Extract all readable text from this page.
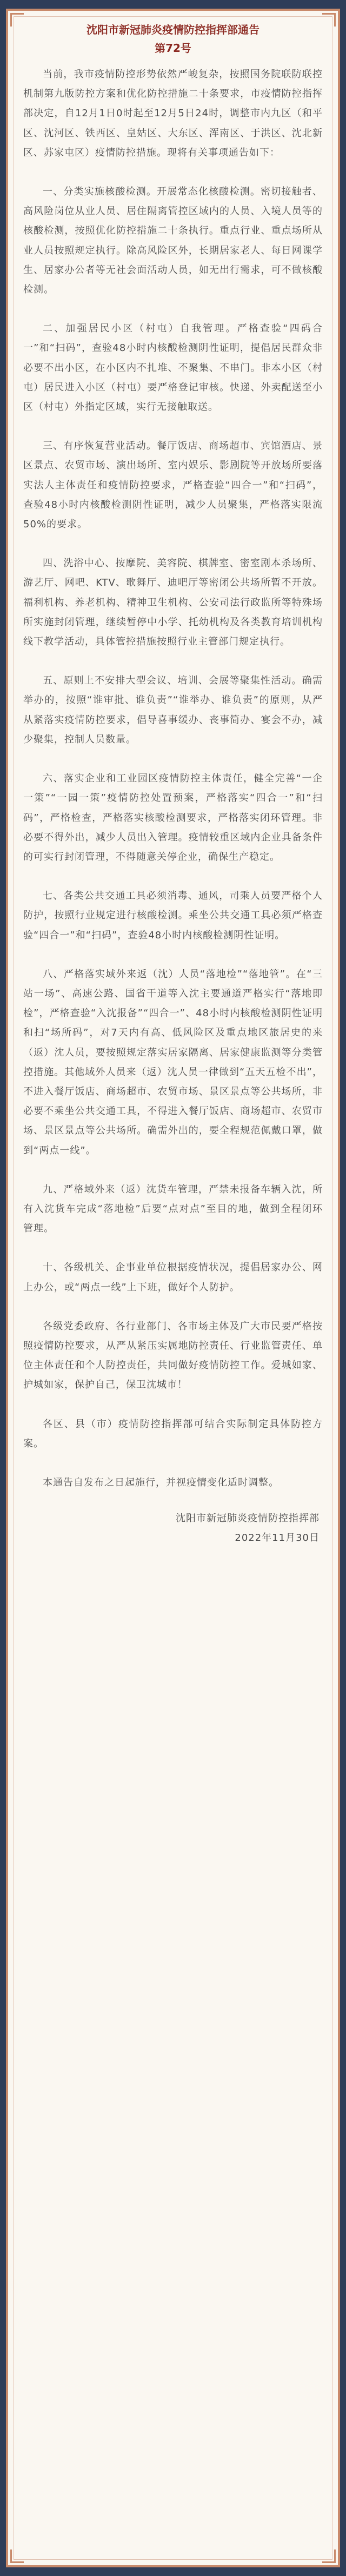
沈阳市新冠肺炎疫情防控指挥部通告

第72号

当前，我市疫情防控形势依然严峻复杂，按照国务院联防联控机制第九版防控方案和优化防控措施二十条要求，市疫情防控指挥部决定，自12月1日0时起至12月5日24时，调整市内九区（和平区、沈河区、铁西区、皇姑区、大东区、浑南区、于洪区、沈北新区、苏家屯区）疫情防控措施。现将有关事项通告如下：

一、分类实施核酸检测。开展常态化核酸检测。密切接触者、高风险岗位从业人员、居住隔离管控区域内的人员、入境人员等的核酸检测，按照优化防控措施二十条执行。重点行业、重点场所从业人员按照规定执行。除高风险区外，长期居家老人、每日网课学生、居家办公者等无社会面活动人员，如无出行需求，可不做核酸检测。

二、加强居民小区（村屯）自我管理。严格查验“四码合一”和“扫码”，查验48小时内核酸检测阴性证明，提倡居民群众非必要不出小区，在小区内不扎堆、不聚集、不串门。非本小区（村屯）居民进入小区（村屯）要严格登记审核。快递、外卖配送至小区（村屯）外指定区域，实行无接触取送。

三、有序恢复营业活动。餐厅饭店、商场超市、宾馆酒店、景区景点、农贸市场、演出场所、室内娱乐、影剧院等开放场所要落实法人主体责任和疫情防控要求，严格查验“四合一”和“扫码”，查验48小时内核酸检测阴性证明，减少人员聚集，严格落实限流50%的要求。

四、洗浴中心、按摩院、美容院、棋牌室、密室剧本杀场所、游艺厅、网吧、KTV、歌舞厅、迪吧厅等密闭公共场所暂不开放。福利机构、养老机构、精神卫生机构、公安司法行政监所等特殊场所实施封闭管理，继续暂停中小学、托幼机构及各类教育培训机构线下教学活动，具体管控措施按照行业主管部门规定执行。

五、原则上不安排大型会议、培训、会展等聚集性活动。确需举办的，按照“谁审批、谁负责”“谁举办、谁负责”的原则，从严从紧落实疫情防控要求，倡导喜事缓办、丧事简办、宴会不办，减少聚集，控制人员数量。

六、落实企业和工业园区疫情防控主体责任，健全完善“一企一策”“一园一策”疫情防控处置预案，严格落实“四合一”和“扫码”，严格检查，严格落实核酸检测要求，严格落实闭环管理。非必要不得外出，减少人员出入管理。疫情较重区域内企业具备条件的可实行封闭管理，不得随意关停企业，确保生产稳定。

七、各类公共交通工具必须消毒、通风，司乘人员要严格个人防护，按照行业规定进行核酸检测。乘坐公共交通工具必须严格查验“四合一”和“扫码”，查验48小时内核酸检测阴性证明。

八、严格落实域外来返（沈）人员“落地检”“落地管”。在“三站一场”、高速公路、国省干道等入沈主要通道严格实行“落地即检”，严格查验“入沈报备”“四合一”、48小时内核酸检测阴性证明和扫“场所码”，对7天内有高、低风险区及重点地区旅居史的来（返）沈人员，要按照规定落实居家隔离、居家健康监测等分类管控措施。其他域外人员来（返）沈人员一律做到“五天五检不出”，不进入餐厅饭店、商场超市、农贸市场、景区景点等公共场所，非必要不乘坐公共交通工具，不得进入餐厅饭店、商场超市、农贸市场、景区景点等公共场所。确需外出的，要全程规范佩戴口罩，做到“两点一线”。

九、严格域外来（返）沈货车管理，严禁未报备车辆入沈，所有入沈货车完成“落地检”后要“点对点”至目的地，做到全程闭环管理。

十、各级机关、企事业单位根据疫情状况，提倡居家办公、网上办公，或“两点一线”上下班，做好个人防护。

各级党委政府、各行业部门、各市场主体及广大市民要严格按照疫情防控要求，从严从紧压实属地防控责任、行业监管责任、单位主体责任和个人防控责任，共同做好疫情防控工作。爱城如家、护城如家，保护自己，保卫沈城市！

各区、县（市）疫情防控指挥部可结合实际制定具体防控方案。

本通告自发布之日起施行，并视疫情变化适时调整。

沈阳市新冠肺炎疫情防控指挥部
2022年11月30日
